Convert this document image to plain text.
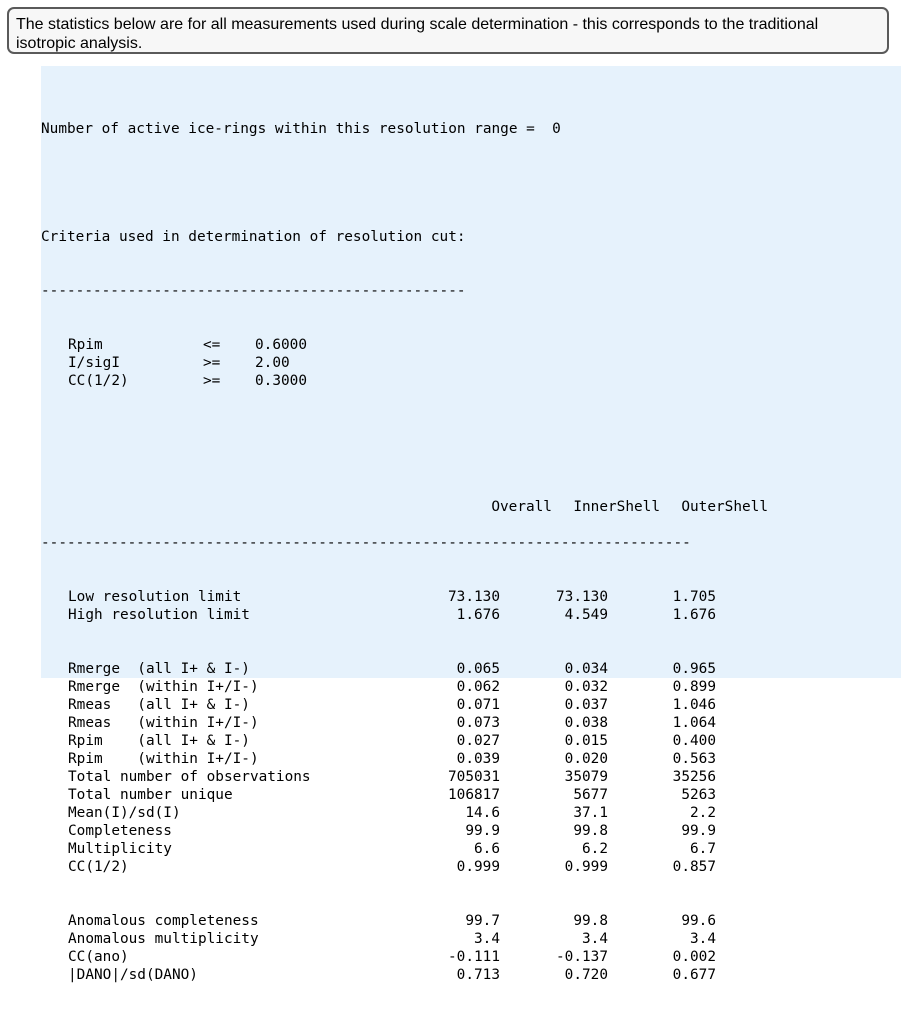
The statistics below are for all measurements used during scale determination - this corresponds to the traditional isotropic analysis.

Number of active ice-rings within this resolution range = 0

Criteria used in determination of resolution cut:

-------------------------------------------------

Rpim	<= 0.6000
I/sigI	>= 2.00
CC(1/2)	>= 0.3000

Overall InnerShell OuterShell

---------------------------------------------------------------------------

Low resolution limit	73.130	73.130	1.705
High resolution limit	1.676	4.549	1.676
Rmerge  (all I+ & I-)	0.065	0.034	0.965
Rmerge  (within I+/I-)	0.062	0.032	0.899
Rmeas   (all I+ & I-)	0.071	0.037	1.046
Rmeas   (within I+/I-)	0.073	0.038	1.064
Rpim    (all I+ & I-)	0.027	0.015	0.400
Rpim    (within I+/I-)	0.039	0.020	0.563
Total number of observations	705031	35079	35256
Total number unique	106817	5677	5263
Mean(I)/sd(I)	14.6	37.1	2.2
Completeness	99.9	99.8	99.9
Multiplicity	6.6	6.2	6.7
CC(1/2)	0.999	0.999	0.857
Anomalous completeness	99.7	99.8	99.6
Anomalous multiplicity	3.4	3.4	3.4
CC(ano)	-0.111	-0.137	0.002
|DANO|/sd(DANO)	0.713	0.720	0.677
